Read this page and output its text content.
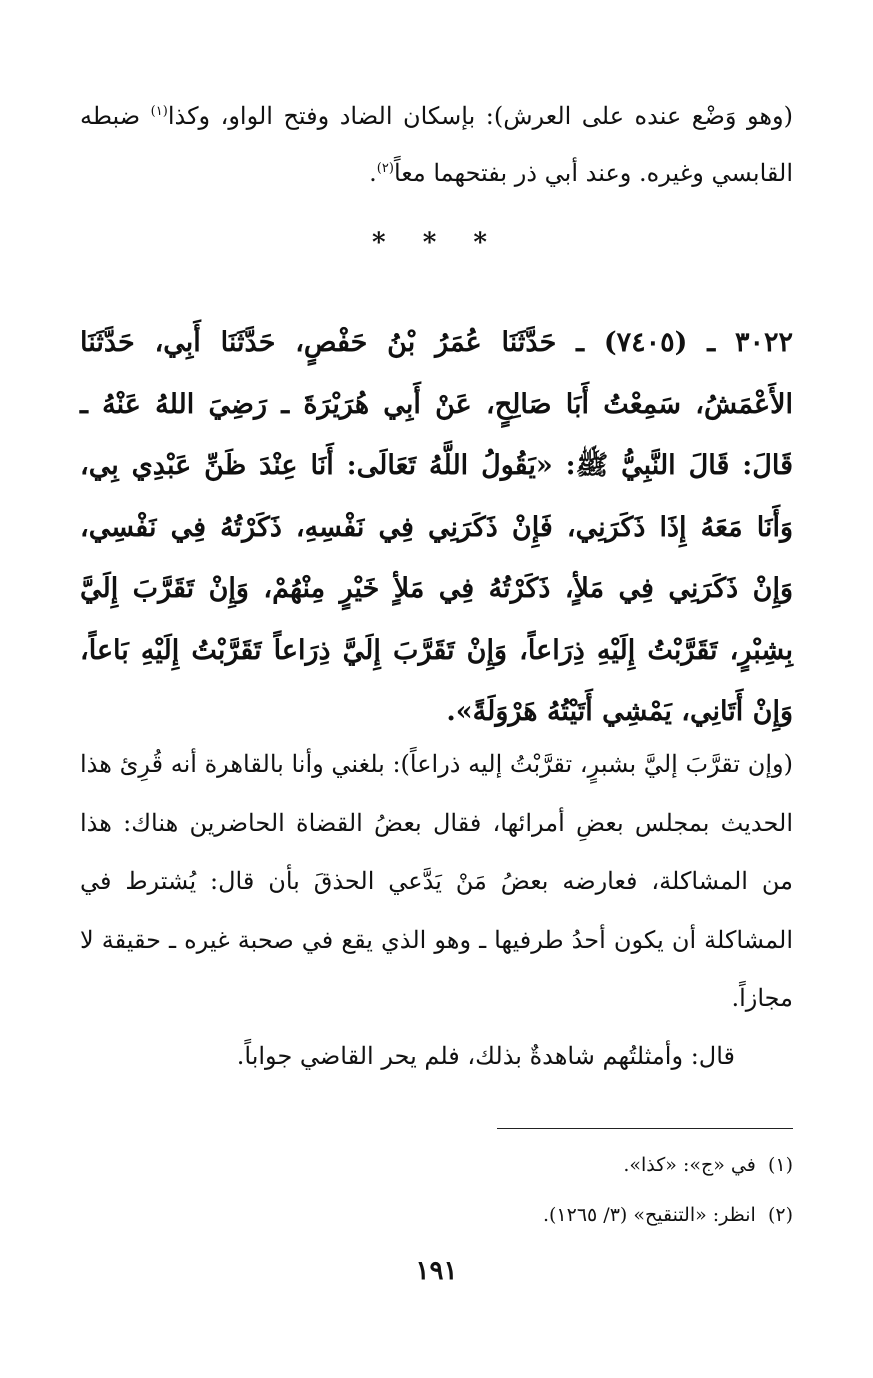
(وهو وَضْع عنده على العرش): بإسكان الضاد وفتح الواو، وكذا$^{(١)}$ ضبطه القابسي وغيره. وعند أبي ذر بفتحهما معاً$^{(٢)}$.

* * *

٣٠٢٢ ـ (٧٤٠٥) ـ حَدَّثَنَا عُمَرُ بْنُ حَفْصٍ، حَدَّثَنَا أَبِي، حَدَّثَنَا الأَعْمَشُ، سَمِعْتُ أَبَا صَالِحٍ، عَنْ أَبِي هُرَيْرَةَ ـ رَضِيَ اللهُ عَنْهُ ـ قَالَ: قَالَ النَّبِيُّ ﷺ: «يَقُولُ اللَّهُ تَعَالَى: أَنَا عِنْدَ ظَنِّ عَبْدِي بِي، وَأَنَا مَعَهُ إِذَا ذَكَرَنِي، فَإِنْ ذَكَرَنِي فِي نَفْسِهِ، ذَكَرْتُهُ فِي نَفْسِي، وَإِنْ ذَكَرَنِي فِي مَلأٍ، ذَكَرْتُهُ فِي مَلأٍ خَيْرٍ مِنْهُمْ، وَإِنْ تَقَرَّبَ إِلَيَّ بِشِبْرٍ، تَقَرَّبْتُ إِلَيْهِ ذِرَاعاً، وَإِنْ تَقَرَّبَ إِلَيَّ ذِرَاعاً تَقَرَّبْتُ إِلَيْهِ بَاعاً، وَإِنْ أَتَانِي، يَمْشِي أَتَيْتُهُ هَرْوَلَةً».

(وإن تقرَّبَ إليَّ بشبرٍ، تقرَّبْتُ إليه ذراعاً): بلغني وأنا بالقاهرة أنه قُرِئ هذا الحديث بمجلس بعضِ أمرائها، فقال بعضُ القضاة الحاضرين هناك: هذا من المشاكلة، فعارضه بعضُ مَنْ يَدَّعي الحذقَ بأن قال: يُشترط في المشاكلة أن يكون أحدُ طرفيها ـ وهو الذي يقع في صحبة غيره ـ حقيقة لا مجازاً.

قال: وأمثلتُهم شاهدةٌ بذلك، فلم يحر القاضي جواباً.

(١)  في «ج»: «كذا».
(٢)  انظر: «التنقيح» (٣/ ١٢٦٥).
١٩١
